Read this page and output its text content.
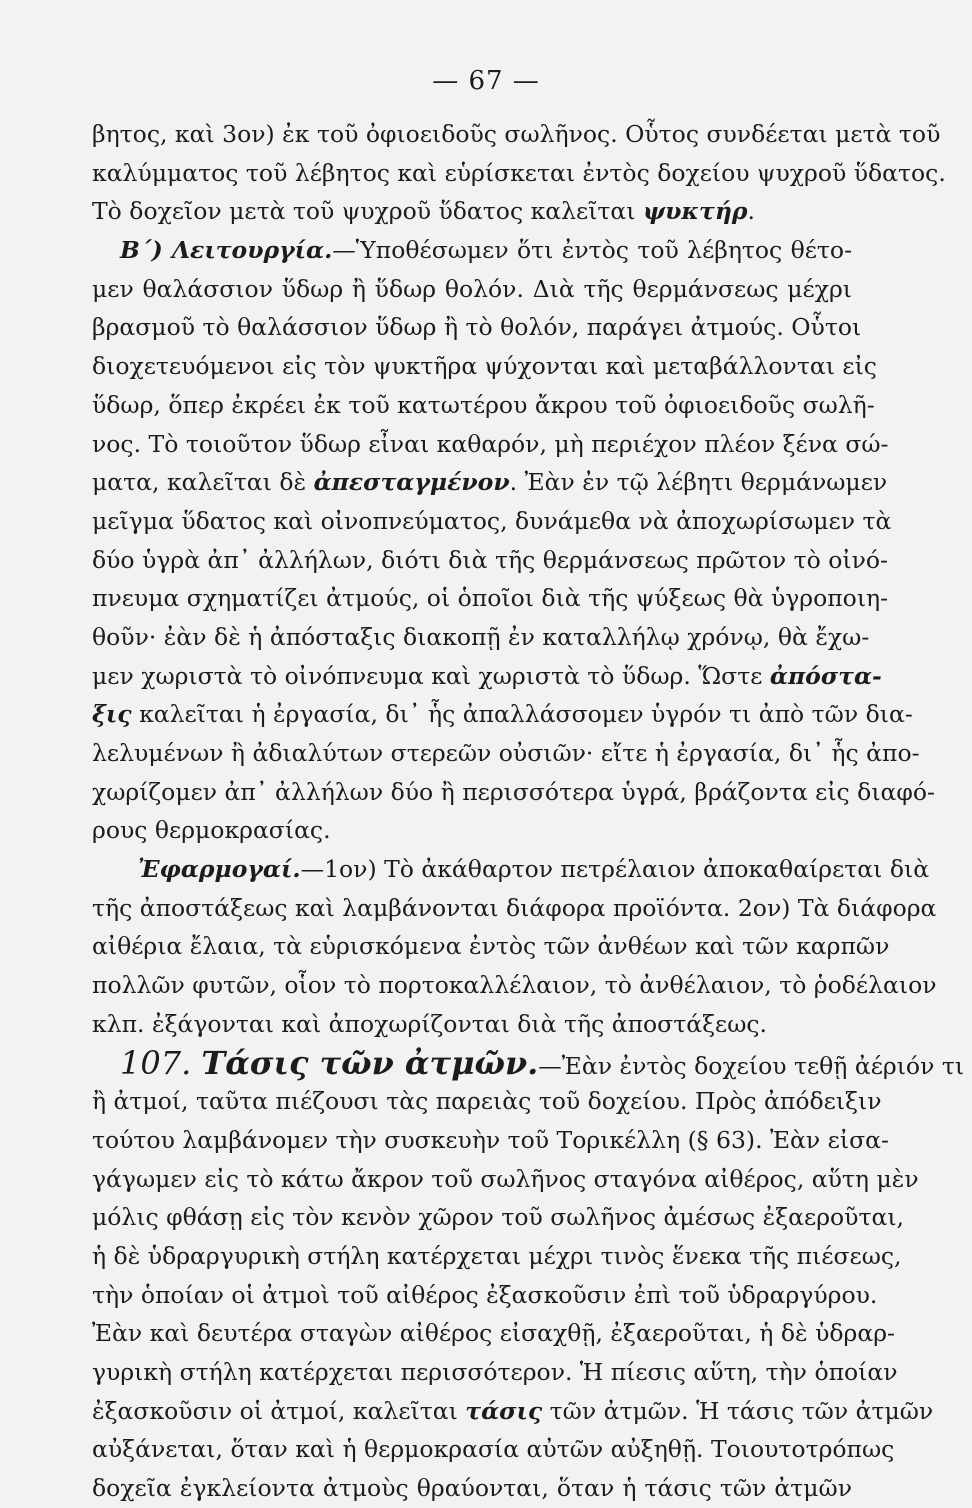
— 67 —
βητος, καὶ 3ον) ἐκ τοῦ ὀφιοειδοῦς σωλῆνος. Οὗτος συνδέεται μετὰ τοῦ
καλύμματος τοῦ λέβητος καὶ εὑρίσκεται ἐντὸς δοχείου ψυχροῦ ὕδατος.
Τὸ δοχεῖον μετὰ τοῦ ψυχροῦ ὕδατος καλεῖται ψυκτήρ.
Β΄) Λειτουργία.—Ὑποθέσωμεν ὅτι ἐντὸς τοῦ λέβητος θέτο-
μεν θαλάσσιον ὕδωρ ἢ ὕδωρ θολόν. Διὰ τῆς θερμάνσεως μέχρι
βρασμοῦ τὸ θαλάσσιον ὕδωρ ἢ τὸ θολόν, παράγει ἀτμούς. Οὗτοι
διοχετευόμενοι εἰς τὸν ψυκτῆρα ψύχονται καὶ μεταβάλλονται εἰς
ὕδωρ, ὅπερ ἐκρέει ἐκ τοῦ κατωτέρου ἄκρου τοῦ ὀφιοειδοῦς σωλῆ-
νος. Τὸ τοιοῦτον ὕδωρ εἶναι καθαρόν, μὴ περιέχον πλέον ξένα σώ-
ματα, καλεῖται δὲ ἀπεσταγμένον. Ἐὰν ἐν τῷ λέβητι θερμάνωμεν
μεῖγμα ὕδατος καὶ οἰνοπνεύματος, δυνάμεθα νὰ ἀποχωρίσωμεν τὰ
δύο ὑγρὰ ἀπ᾽ ἀλλήλων, διότι διὰ τῆς θερμάνσεως πρῶτον τὸ οἰνό-
πνευμα σχηματίζει ἀτμούς, οἱ ὁποῖοι διὰ τῆς ψύξεως θὰ ὑγροποιη-
θοῦν· ἐὰν δὲ ἡ ἀπόσταξις διακοπῇ ἐν καταλλήλῳ χρόνῳ, θὰ ἔχω-
μεν χωριστὰ τὸ οἰνόπνευμα καὶ χωριστὰ τὸ ὕδωρ. Ὥστε ἀπόστα-
ξις καλεῖται ἡ ἐργασία, δι᾽ ἧς ἀπαλλάσσομεν ὑγρόν τι ἀπὸ τῶν δια-
λελυμένων ἢ ἀδιαλύτων στερεῶν οὐσιῶν· εἴτε ἡ ἐργασία, δι᾽ ἧς ἀπο-
χωρίζομεν ἀπ᾽ ἀλλήλων δύο ἢ περισσότερα ὑγρά, βράζοντα εἰς διαφό-
ρους θερμοκρασίας.
Ἐφαρμογαί.—1ον) Τὸ ἀκάθαρτον πετρέλαιον ἀποκαθαίρεται διὰ
τῆς ἀποστάξεως καὶ λαμβάνονται διάφορα προϊόντα. 2ον) Τὰ διάφορα
αἰθέρια ἔλαια, τὰ εὑρισκόμενα ἐντὸς τῶν ἀνθέων καὶ τῶν καρπῶν
πολλῶν φυτῶν, οἷον τὸ πορτοκαλλέλαιον, τὸ ἀνθέλαιον, τὸ ῥοδέλαιον
κλπ. ἐξάγονται καὶ ἀποχωρίζονται διὰ τῆς ἀποστάξεως.
107. Τάσις τῶν ἀτμῶν.—Ἐὰν ἐντὸς δοχείου τεθῇ ἀέριόν τι
ἢ ἀτμοί, ταῦτα πιέζουσι τὰς παρειὰς τοῦ δοχείου. Πρὸς ἀπόδειξιν
τούτου λαμβάνομεν τὴν συσκευὴν τοῦ Τορικέλλη (§ 63). Ἐὰν εἰσα-
γάγωμεν εἰς τὸ κάτω ἄκρον τοῦ σωλῆνος σταγόνα αἰθέρος, αὕτη μὲν
μόλις φθάσῃ εἰς τὸν κενὸν χῶρον τοῦ σωλῆνος ἀμέσως ἐξαεροῦται,
ἡ δὲ ὑδραργυρικὴ στήλη κατέρχεται μέχρι τινὸς ἕνεκα τῆς πιέσεως,
τὴν ὁποίαν οἱ ἀτμοὶ τοῦ αἰθέρος ἐξασκοῦσιν ἐπὶ τοῦ ὑδραργύρου.
Ἐὰν καὶ δευτέρα σταγὼν αἰθέρος εἰσαχθῇ, ἐξαεροῦται, ἡ δὲ ὑδραρ-
γυρικὴ στήλη κατέρχεται περισσότερον. Ἡ πίεσις αὕτη, τὴν ὁποίαν
ἐξασκοῦσιν οἱ ἀτμοί, καλεῖται τάσις τῶν ἀτμῶν. Ἡ τάσις τῶν ἀτμῶν
αὐξάνεται, ὅταν καὶ ἡ θερμοκρασία αὐτῶν αὐξηθῇ. Τοιουτοτρόπως
δοχεῖα ἐγκλείοντα ἀτμοὺς θραύονται, ὅταν ἡ τάσις τῶν ἀτμῶν
